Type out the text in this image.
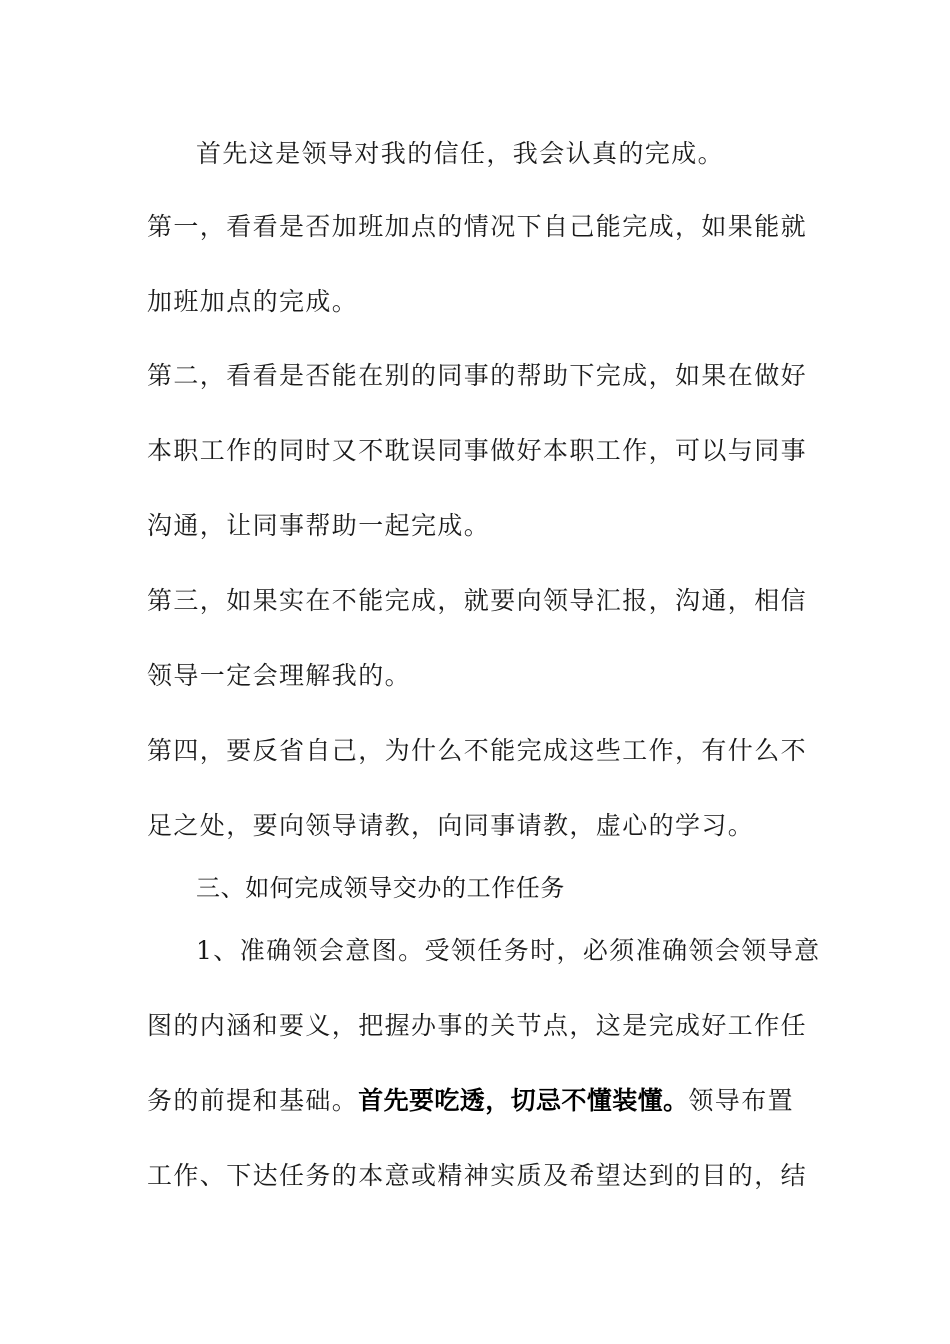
首先这是领导对我的信任，我会认真的完成。
第一，看看是否加班加点的情况下自己能完成，如果能就
加班加点的完成。
第二，看看是否能在别的同事的帮助下完成，如果在做好
本职工作的同时又不耽误同事做好本职工作，可以与同事
沟通，让同事帮助一起完成。
第三，如果实在不能完成，就要向领导汇报，沟通，相信
领导一定会理解我的。
第四，要反省自己，为什么不能完成这些工作，有什么不
足之处，要向领导请教，向同事请教，虚心的学习。
三、如何完成领导交办的工作任务
1、准确领会意图。受领任务时，必须准确领会领导意
图的内涵和要义，把握办事的关节点，这是完成好工作任
务的前提和基础。首先要吃透，切忌不懂装懂。领导布置
工作、下达任务的本意或精神实质及希望达到的目的，结
